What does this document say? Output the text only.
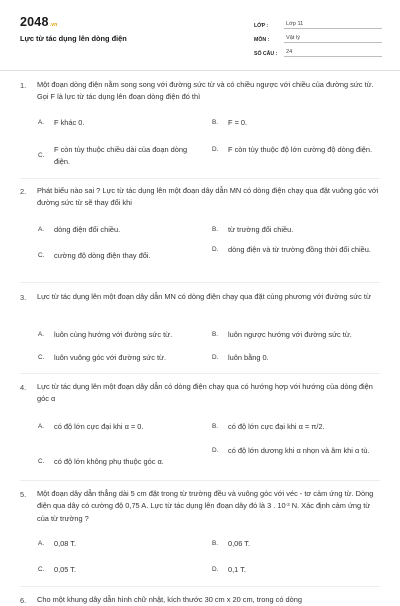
2048.vn
Lực từ tác dụng lên dòng điện
LỚP :	Lớp 11
MÔN :	Vật lý
SỐ CÂU :	24
1. Một đoạn dòng điện nằm song song với đường sức từ và có chiều ngược với chiều của đường sức từ. Gọi F là lực từ tác dụng lên đoạn dòng điện đó thì
A.	F khác 0.	B.	F = 0.
C.
F còn tùy thuộc chiều dài của đoạn dòng điện.
D.	F còn tùy thuộc độ lớn cường độ dòng điện.
2. Phát biểu nào sai ? Lực từ tác dụng lên một đoạn dây dẫn MN có dòng điện chạy qua đặt vuông góc với đường sức từ sẽ thay đổi khi
A.	dòng điện đổi chiều.	B.	từ trường đổi chiều.
C.	cường độ dòng điện thay đổi.
D.	dòng điện và từ trường đồng thời đổi chiều.
3. Lực từ tác dụng lên một đoạn dây dẫn MN có dòng điện chạy qua đặt cùng phương với đường sức từ
A.	luôn cùng hướng với đường sức từ.	B.	luôn ngược hướng với đường sức từ.
C.	luôn vuông góc với đường sức từ.	D.	luôn bằng 0.
4. Lực từ tác dụng lên một đoạn dây dẫn có dòng điện chạy qua có hướng hợp với hướng của dòng điện góc α
A.	có độ lớn cực đại khi α = 0.	B.	có độ lớn cực đại khi α = π/2.
C.	có độ lớn không phụ thuộc góc α.
D.	có độ lớn dương khi α nhọn và âm khi α tù.
5. Một đoạn dây dẫn thẳng dài 5 cm đặt trong từ trường đều và vuông góc với véc - tơ cảm ứng từ. Dòng điện qua dây có cường độ 0,75 A. Lực từ tác dụng lên đoạn dây đó là 3 . $10^{-3}$ N. Xác định cảm ứng từ của từ trường ?
A.	0,08 T.	B.	0,06 T.
C.	0,05 T.	D.	0,1 T.
6. Cho một khung dây dẫn hình chữ nhật, kích thước 30 cm x 20 cm, trong có dòng
